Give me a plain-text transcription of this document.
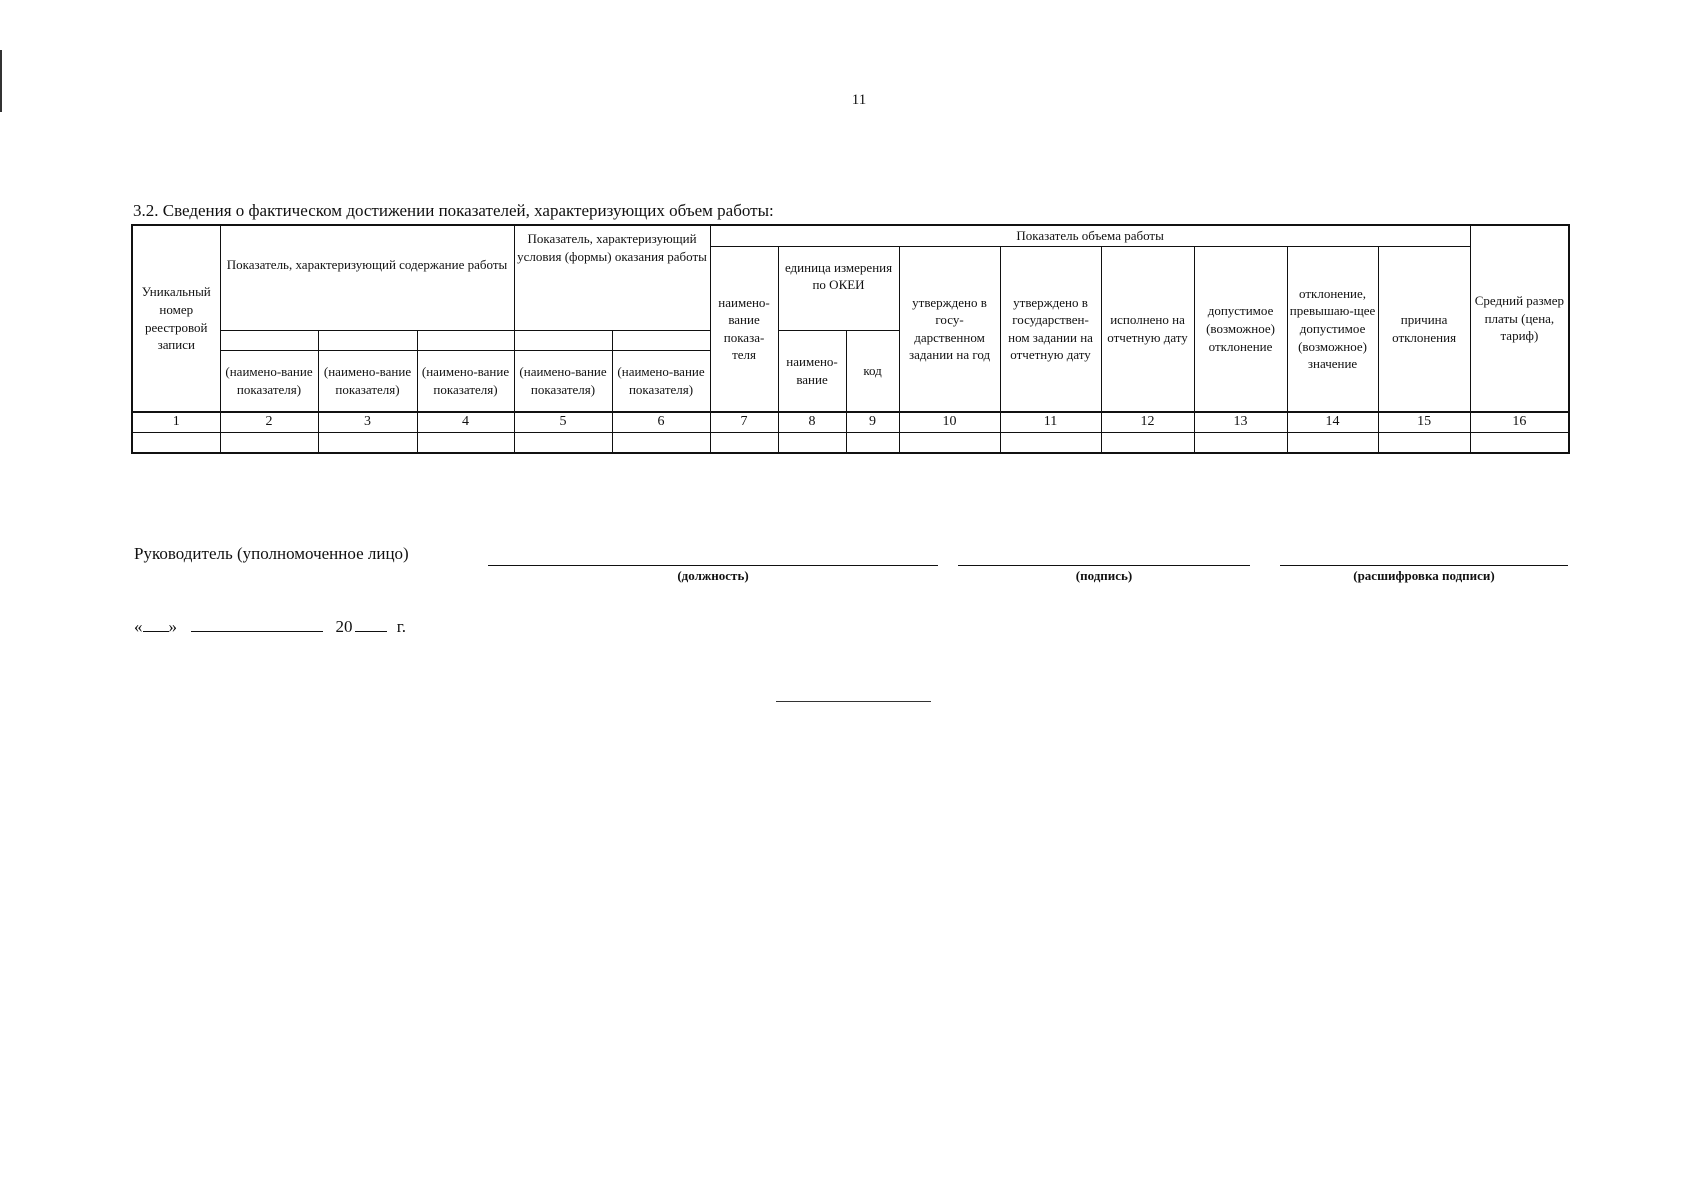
11
3.2. Сведения о фактическом достижении показателей, характеризующих объем работы:
Уникальный номер реестровой записи	Показатель, характеризующий содержание работы			Показатель, характеризующий условия (формы) оказания работы		Показатель объема работы									Средний размер платы (цена, тариф)
						наимено-вание показа-теля	единица измерения по ОКЕИ		утверждено в госу-дарственном задании на год	утверждено в государствен-ном задании на отчетную дату	исполнено на отчетную дату	допустимое (возможное) отклонение	отклонение, превышаю-щее допустимое (возможное) значение	причина отклонения	
							наимено-вание	код							
	(наимено-вание показателя)	(наимено-вание показателя)	(наимено-вание показателя)	(наимено-вание показателя)	(наимено-вание показателя)										
1	2	3	4	5	6	7	8	9	10	11	12	13	14	15	16

Руководитель (уполномоченное лицо)
(должность)	(подпись)	(расшифровка подписи)
« »	20	г.
